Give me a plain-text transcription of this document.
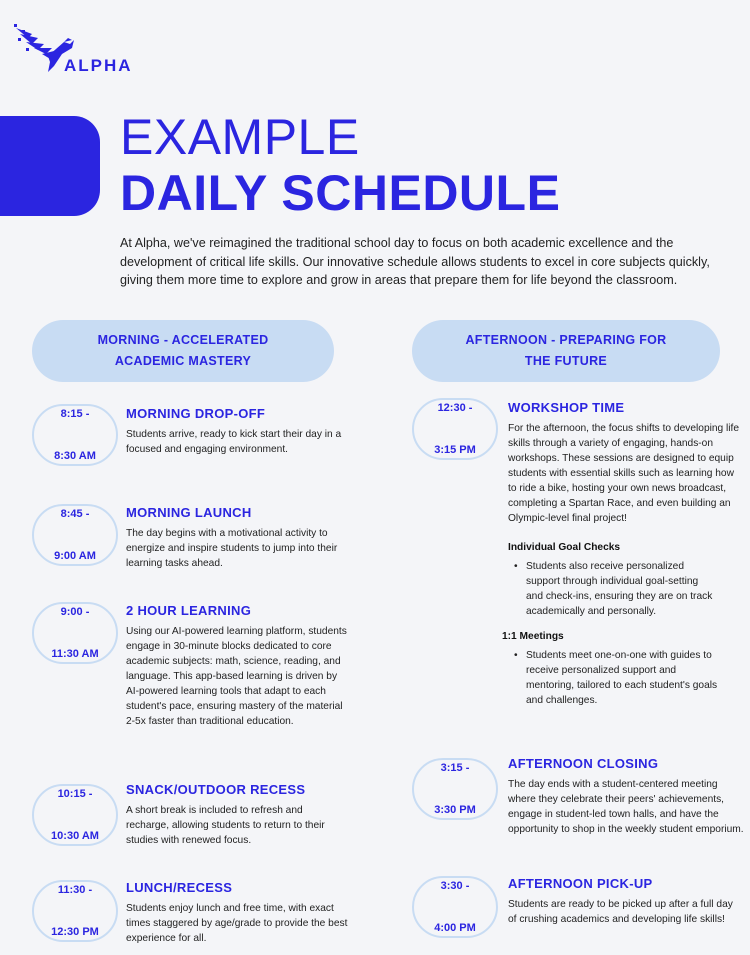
ALPHA
EXAMPLE
DAILY SCHEDULE

At Alpha, we've reimagined the traditional school day to focus on both academic excellence and the development of critical life skills. Our innovative schedule allows students to excel in core subjects quickly, giving them more time to explore and grow in areas that prepare them for life beyond the classroom.

MORNING - ACCELERATED
ACADEMIC MASTERY
AFTERNOON - PREPARING FOR
THE FUTURE
8:15 -

8:30 AM
MORNING DROP-OFF

Students arrive, ready to kick start their day in a focused and engaging environment.

8:45 -

9:00 AM
MORNING LAUNCH

The day begins with a motivational activity to energize and inspire students to jump into their learning tasks ahead.

9:00 -

11:30 AM
2 HOUR LEARNING

Using our AI-powered learning platform, students engage in 30-minute blocks dedicated to core academic subjects: math, science, reading, and language. This app-based learning is driven by AI-powered learning tools that adapt to each student's pace, ensuring mastery of the material 2-5x faster than traditional education.

10:15 -

10:30 AM
SNACK/OUTDOOR RECESS

A short break is included to refresh and recharge, allowing students to return to their studies with renewed focus.

11:30 -

12:30 PM
LUNCH/RECESS

Students enjoy lunch and free time, with exact times staggered by age/grade to provide the best experience for all.

12:30 -

3:15 PM
WORKSHOP TIME

For the afternoon, the focus shifts to developing life skills through a variety of engaging, hands-on workshops. These sessions are designed to equip students with essential skills such as learning how to ride a bike, hosting your own news broadcast, completing a Spartan Race, and even building an Olympic-level final project!

Individual Goal Checks
• Students also receive personalized support through individual goal-setting and check-ins, ensuring they are on track academically and personally.
1:1 Meetings
• Students meet one-on-one with guides to receive personalized support and mentoring, tailored to each student's goals and challenges.
3:15 -

3:30 PM
AFTERNOON CLOSING

The day ends with a student-centered meeting where they celebrate their peers' achievements, engage in student-led town halls, and have the opportunity to shop in the weekly student emporium.

3:30 -

4:00 PM
AFTERNOON PICK-UP

Students are ready to be picked up after a full day of crushing academics and developing life skills!
